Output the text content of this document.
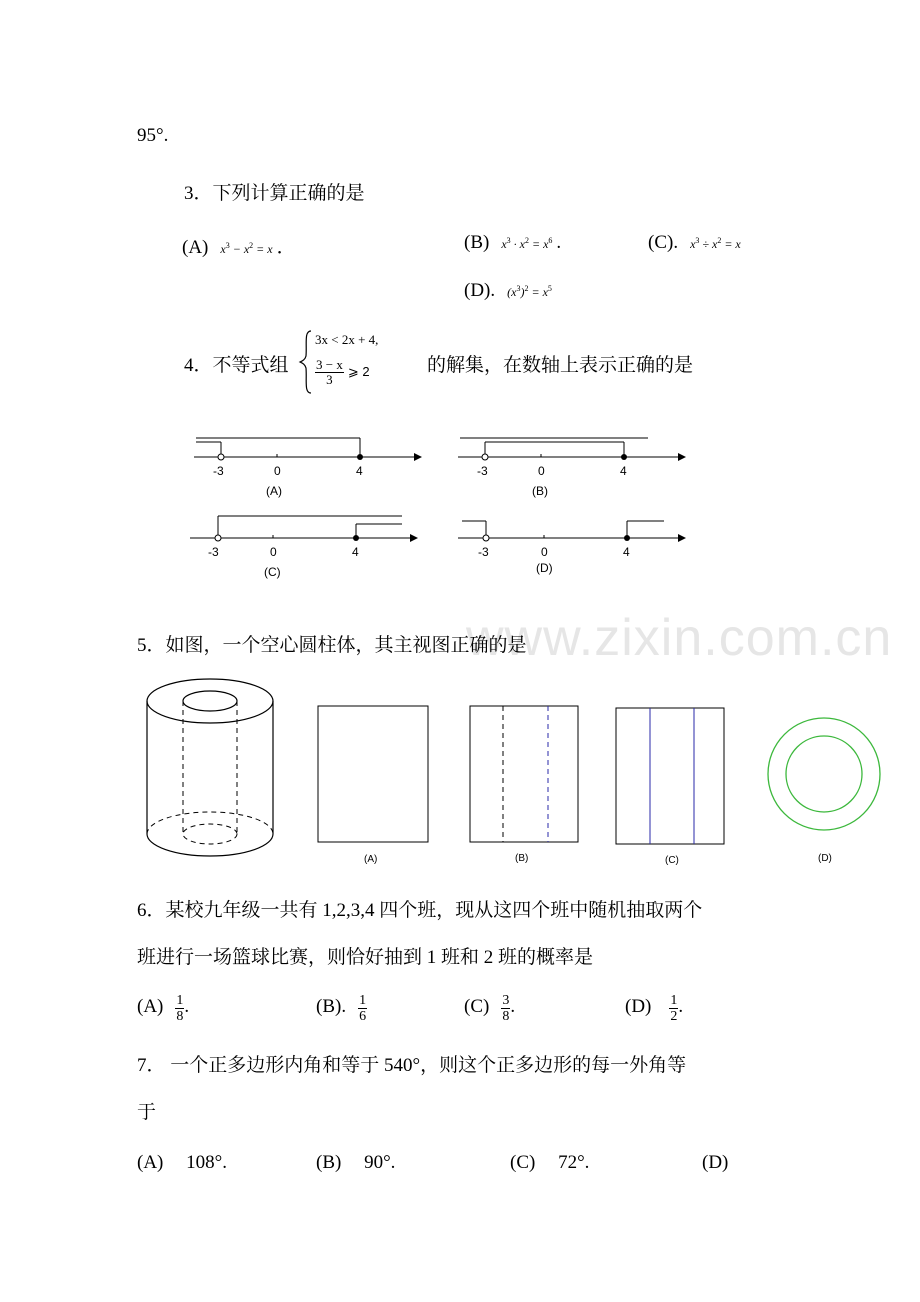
www.zixin.com.cn
95°.
3．下列计算正确的是
(A) $x^3 - x^2 = x$ ．	(B) $x^3 \cdot x^2 = x^6$ .	(C). $x^3 \div x^2 = x$
(D). $(x^3)^2 = x^5$
4．不等式组
3x < 2x + 4,
$\frac{3 - x}{3}$ ⩾ 2	的解集，在数轴上表示正确的是
-3	0	4
(A)
-3	0	4
(B)
-3	0	4
(C)
-3	0	4
(D)
5．如图，一个空心圆柱体，其主视图正确的是
(A)	(B)	(C)	(D)
6．某校九年级一共有 1,2,3,4 四个班，现从这四个班中随机抽取两个
班进行一场篮球比赛，则恰好抽到 1 班和 2 班的概率是
$(A) \frac{1}{8}$ .	(B). $\frac{1}{6}$	$(C) \frac{3}{8}$ .	$(D) \frac{1}{2}$ .
7． 一个正多边形内角和等于 540°，则这个正多边形的每一外角等
于
(A) 108°.	(B) 90°.	(C) 72°.	(D)
